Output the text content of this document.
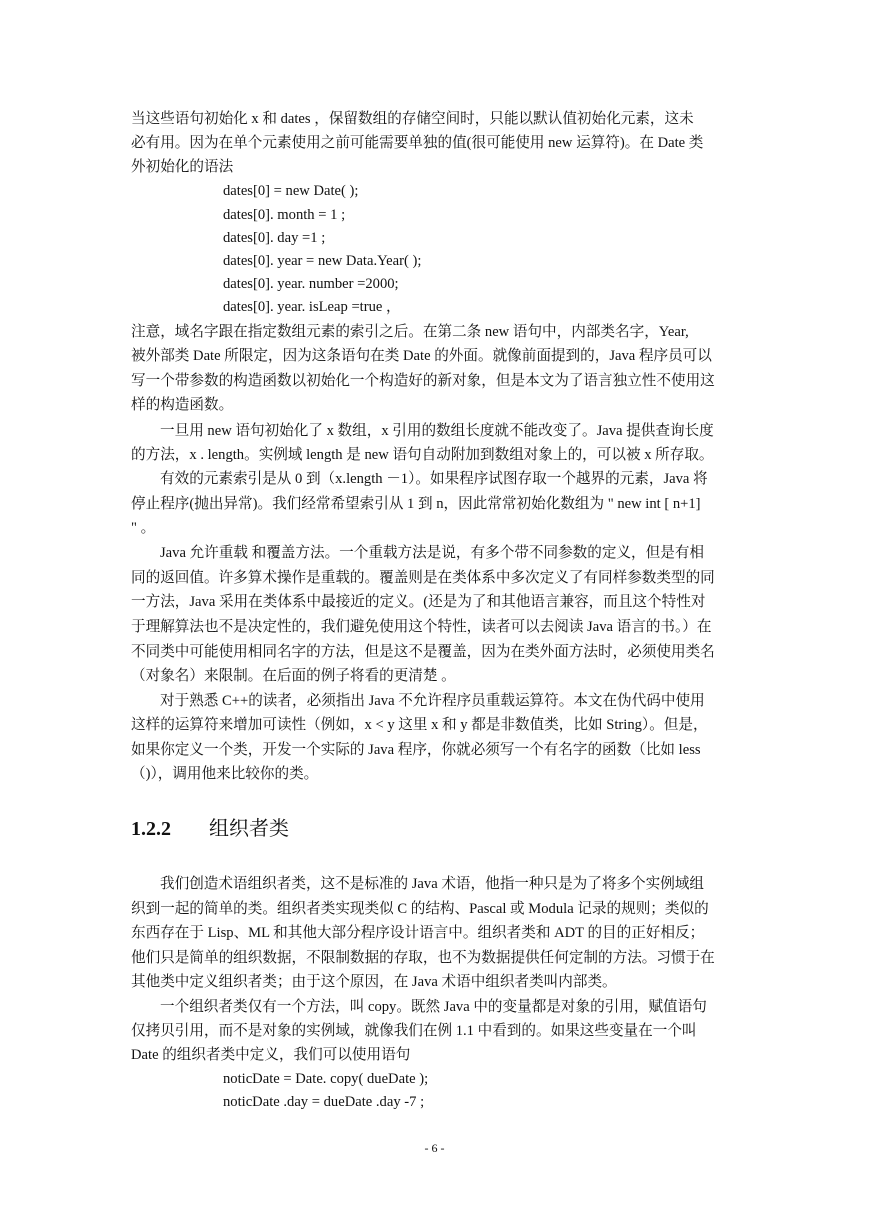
当这些语句初始化 x 和 dates ，保留数组的存储空间时，只能以默认值初始化元素，这未
必有用。因为在单个元素使用之前可能需要单独的值(很可能使用 new 运算符)。在 Date 类
外初始化的语法
dates[0] = new Date( );
dates[0]. month = 1 ;
dates[0]. day =1 ;
dates[0]. year = new Data.Year( );
dates[0]. year. number =2000;
dates[0]. year. isLeap =true ，
注意，域名字跟在指定数组元素的索引之后。在第二条 new 语句中，内部类名字，Year,
被外部类 Date 所限定，因为这条语句在类 Date 的外面。就像前面提到的，Java 程序员可以
写一个带参数的构造函数以初始化一个构造好的新对象，但是本文为了语言独立性不使用这
样的构造函数。
一旦用 new 语句初始化了 x 数组，x 引用的数组长度就不能改变了。Java 提供查询长度
的方法，x . length。实例域 length 是 new 语句自动附加到数组对象上的，可以被 x 所存取。
有效的元素索引是从 0 到（x.length －1）。如果程序试图存取一个越界的元素，Java 将
停止程序(抛出异常)。我们经常希望索引从 1 到 n，因此常常初始化数组为 " new int [ n+1]
" 。
Java 允许重载 和覆盖方法。一个重载方法是说，有多个带不同参数的定义，但是有相
同的返回值。许多算术操作是重载的。覆盖则是在类体系中多次定义了有同样参数类型的同
一方法，Java 采用在类体系中最接近的定义。(还是为了和其他语言兼容，而且这个特性对
于理解算法也不是决定性的，我们避免使用这个特性，读者可以去阅读 Java 语言的书。）在
不同类中可能使用相同名字的方法，但是这不是覆盖，因为在类外面方法时，必须使用类名
（对象名）来限制。在后面的例子将看的更清楚 。
对于熟悉 C++的读者，必须指出 Java 不允许程序员重载运算符。本文在伪代码中使用
这样的运算符来增加可读性（例如，x < y 这里 x 和 y 都是非数值类，比如 String）。但是，
如果你定义一个类，开发一个实际的 Java 程序，你就必须写一个有名字的函数（比如 less
（)），调用他来比较你的类。
1.2.2 组织者类
我们创造术语组织者类，这不是标准的 Java 术语，他指一种只是为了将多个实例域组
织到一起的简单的类。组织者类实现类似 C 的结构、Pascal 或 Modula 记录的规则；类似的
东西存在于 Lisp、ML 和其他大部分程序设计语言中。组织者类和 ADT 的目的正好相反；
他们只是简单的组织数据，不限制数据的存取，也不为数据提供任何定制的方法。习惯于在
其他类中定义组织者类；由于这个原因，在 Java 术语中组织者类叫内部类。
一个组织者类仅有一个方法，叫 copy。既然 Java 中的变量都是对象的引用，赋值语句
仅拷贝引用，而不是对象的实例域，就像我们在例 1.1 中看到的。如果这些变量在一个叫
Date 的组织者类中定义，我们可以使用语句
noticDate = Date. copy( dueDate );
noticDate .day = dueDate .day -7 ;
- 6 -
